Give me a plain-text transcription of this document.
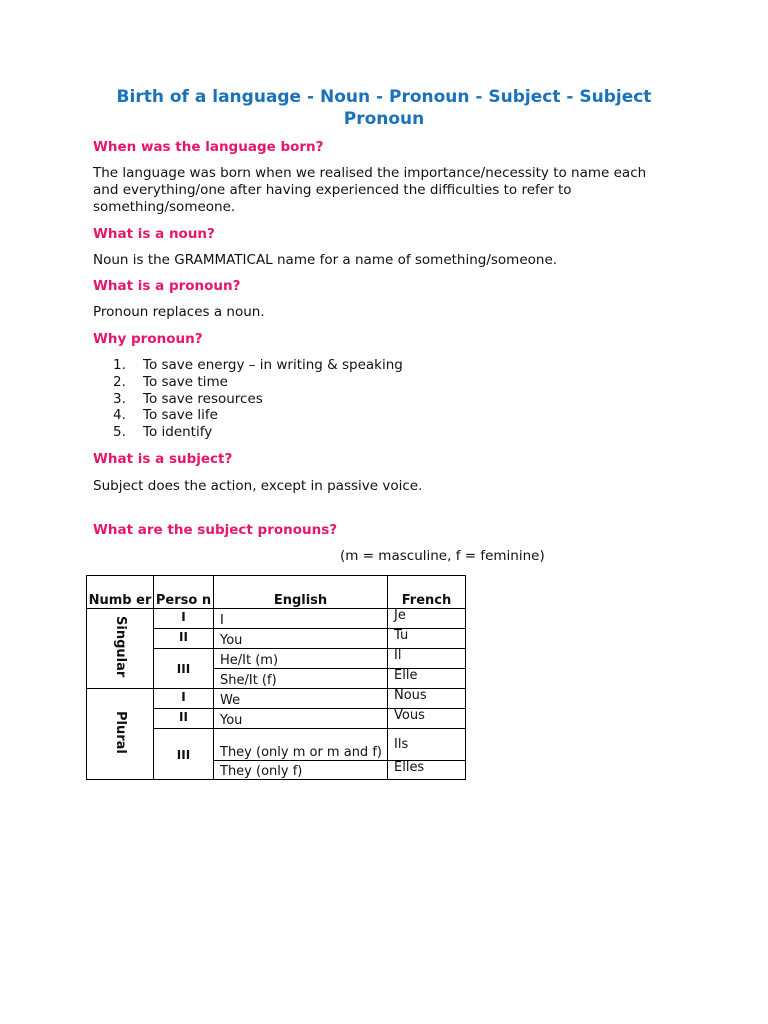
Birth of a language - Noun - Pronoun - Subject - Subject Pronoun
When was the language born?
The language was born when we realised the importance/necessity to name each and everything/one after having experienced the difficulties to refer to something/someone.
What is a noun?
Noun is the GRAMMATICAL name for a name of something/someone.
What is a pronoun?
Pronoun replaces a noun.
Why pronoun?
1.	To save energy – in writing & speaking
2.	To save time
3.	To save resources
4.	To save life
5.	To identify
What is a subject?
Subject does the action, except in passive voice.
What are the subject pronouns?
(m = masculine, f = feminine)
Numb er	Perso n	English	French
Singular	I	I	Je
	II	You	Tu
	III	He/It (m)	Il
		She/It (f)	Elle
Plural	I	We	Nous
	II	You	Vous
	III	They (only m or m and f)	Ils
		They (only f)	Elles
